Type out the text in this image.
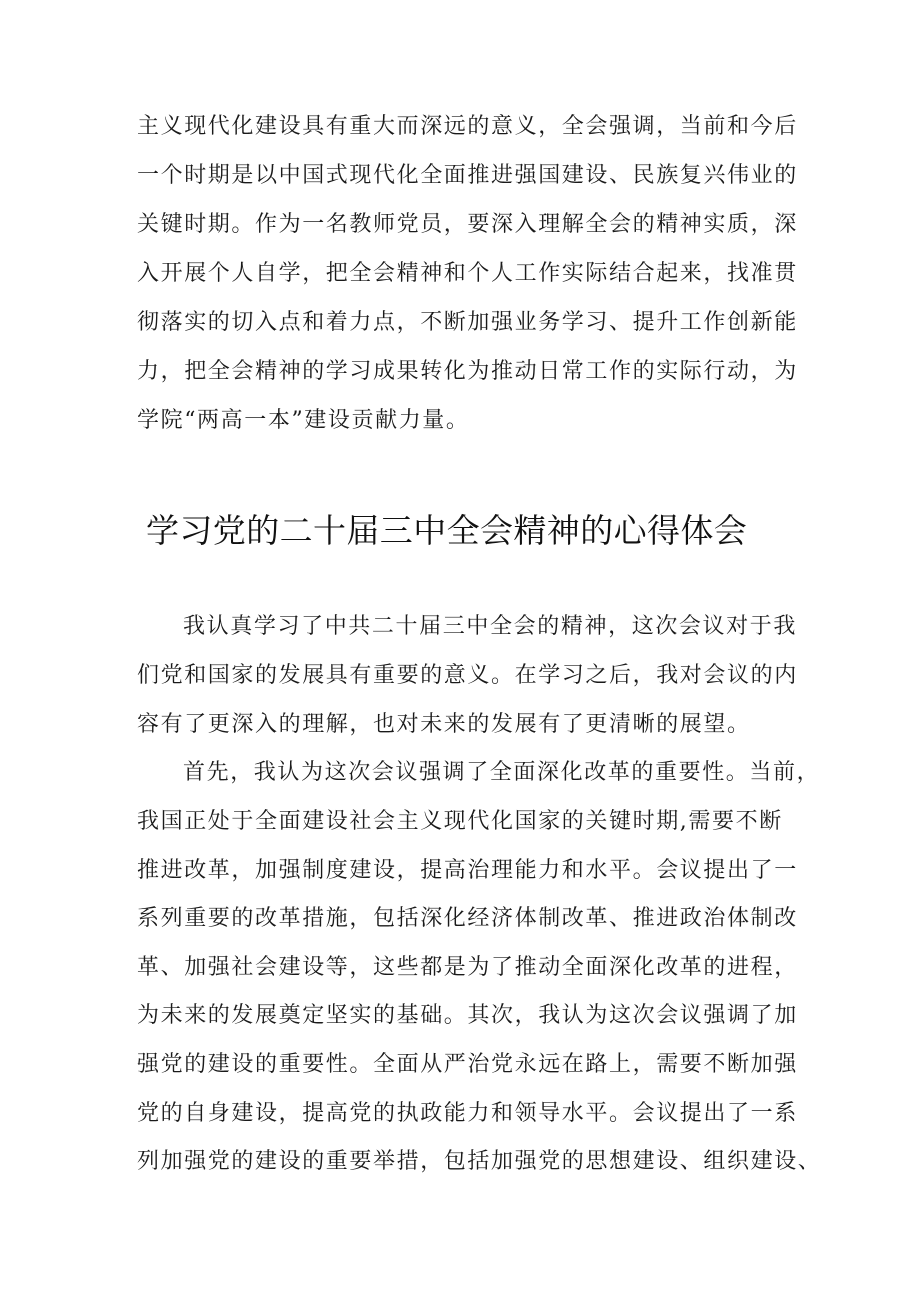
主义现代化建设具有重大而深远的意义，全会强调，当前和今后

一个时期是以中国式现代化全面推进强国建设、民族复兴伟业的

关键时期。作为一名教师党员，要深入理解全会的精神实质，深

入开展个人自学，把全会精神和个人工作实际结合起来，找准贯

彻落实的切入点和着力点，不断加强业务学习、提升工作创新能

力，把全会精神的学习成果转化为推动日常工作的实际行动，为

学院“两高一本”建设贡献力量。

学习党的二十届三中全会精神的心得体会

我认真学习了中共二十届三中全会的精神，这次会议对于我

们党和国家的发展具有重要的意义。在学习之后，我对会议的内

容有了更深入的理解，也对未来的发展有了更清晰的展望。

首先，我认为这次会议强调了全面深化改革的重要性。当前，

我国正处于全面建设社会主义现代化国家的关键时期,需要不断

推进改革，加强制度建设，提高治理能力和水平。会议提出了一

系列重要的改革措施，包括深化经济体制改革、推进政治体制改

革、加强社会建设等，这些都是为了推动全面深化改革的进程，

为未来的发展奠定坚实的基础。其次，我认为这次会议强调了加

强党的建设的重要性。全面从严治党永远在路上，需要不断加强

党的自身建设，提高党的执政能力和领导水平。会议提出了一系

列加强党的建设的重要举措，包括加强党的思想建设、组织建设、
